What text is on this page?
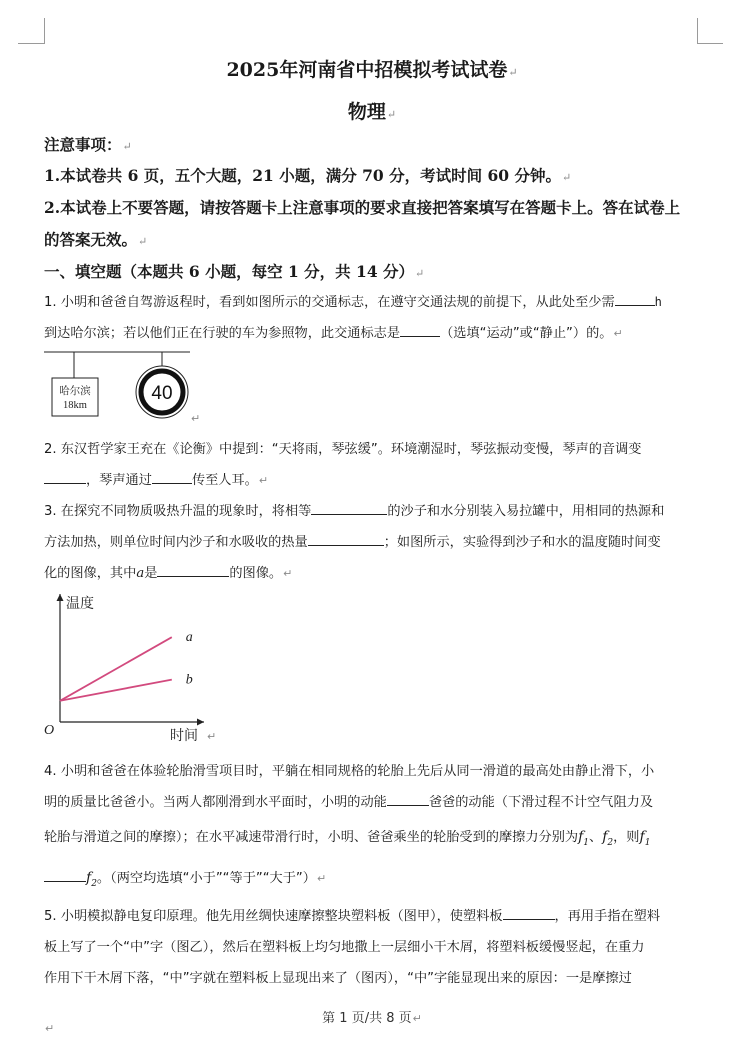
2025年河南省中招模拟考试试卷↵
物理↵
注意事项：↵
1.本试卷共 6 页，五个大题，21 小题，满分 70 分，考试时间 60 分钟。↵
2.本试卷上不要答题，请按答题卡上注意事项的要求直接把答案填写在答题卡上。答在试卷上
的答案无效。↵
一、填空题（本题共 6 小题，每空 1 分，共 14 分）↵
1. 小明和爸爸自驾游返程时，看到如图所示的交通标志，在遵守交通法规的前提下，从此处至少需	h
到达哈尔滨；若以他们正在行驶的车为参照物，此交通标志是	（选填“运动”或“静止”）的。↵
哈尔滨
18km
40
↵
2. 东汉哲学家王充在《论衡》中提到：“天将雨，琴弦缓”。环境潮湿时，琴弦振动变慢，琴声的音调变
，琴声通过	传至人耳。↵
3. 在探究不同物质吸热升温的现象时，将相等	的沙子和水分别装入易拉罐中，用相同的热源和
方法加热，则单位时间内沙子和水吸收的热量	；如图所示，实验得到沙子和水的温度随时间变
化的图像，其中a是	的图像。↵
温度
时间
O
a
b
↵
4. 小明和爸爸在体验轮胎滑雪项目时，平躺在相同规格的轮胎上先后从同一滑道的最高处由静止滑下，小
明的质量比爸爸小。当两人都刚滑到水平面时，小明的动能	爸爸的动能（下滑过程不计空气阻力及
轮胎与滑道之间的摩擦）；在水平减速带滑行时，小明、爸爸乘坐的轮胎受到的摩擦力分别为$f_1$、$f_2$，则$f_1$
$f_2$。（两空均选填“小于”“等于”“大于”）↵
5. 小明模拟静电复印原理。他先用丝绸快速摩擦整块塑料板（图甲），使塑料板	，再用手指在塑料
板上写了一个“中”字（图乙），然后在塑料板上均匀地撒上一层细小干木屑，将塑料板缓慢竖起，在重力
作用下干木屑下落，“中”字就在塑料板上显现出来了（图丙），“中”字能显现出来的原因：一是摩擦过
第 1 页/共 8 页↵
↵
